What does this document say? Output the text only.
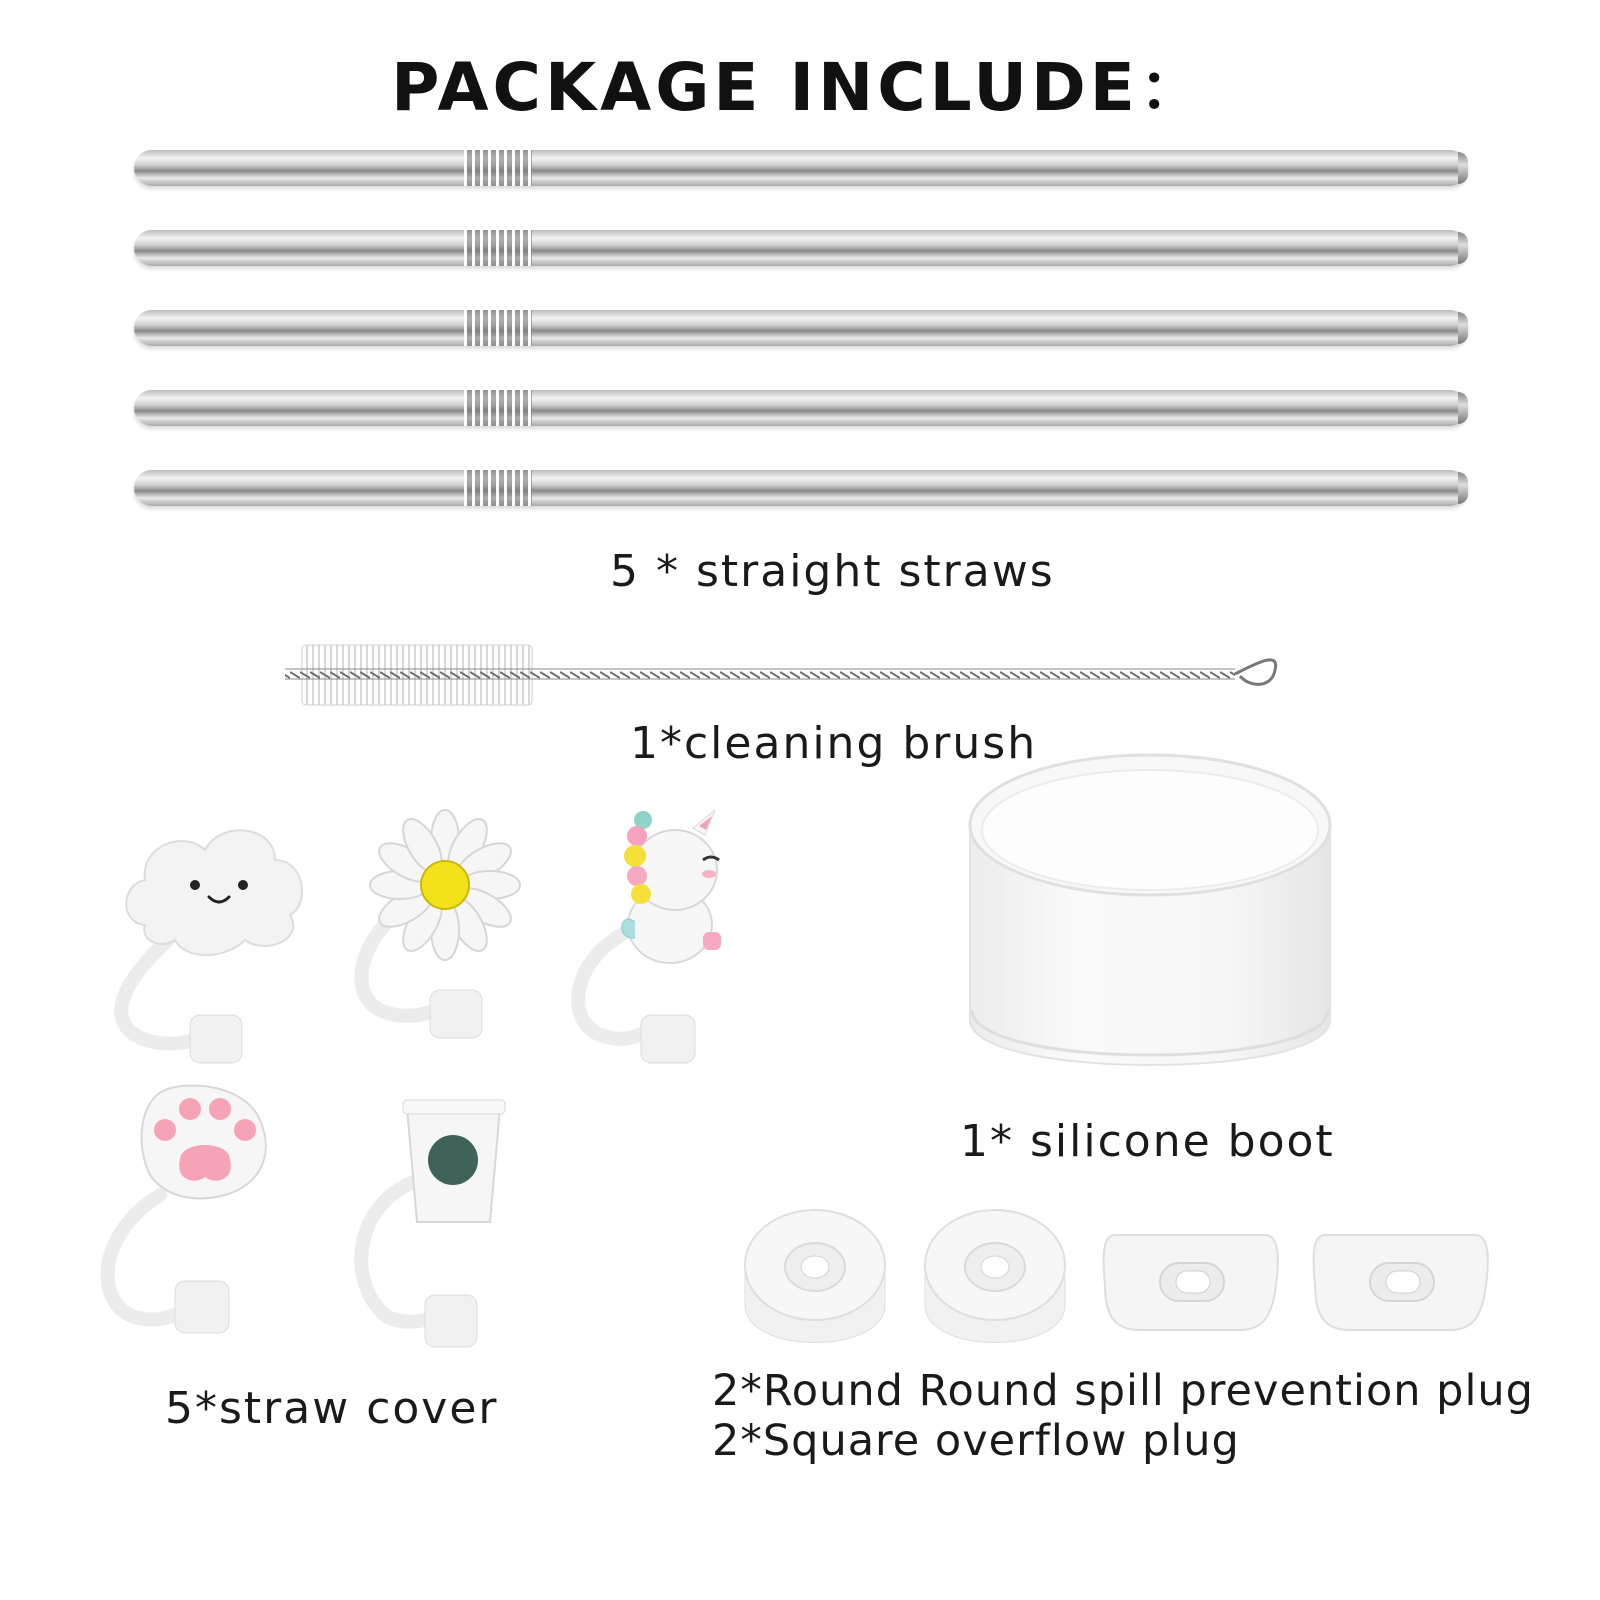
PACKAGE INCLUDE：
5 * straight straws
1*cleaning brush
5*straw cover
1* silicone boot
2*Round Round spill prevention plug
2*Square overflow plug
